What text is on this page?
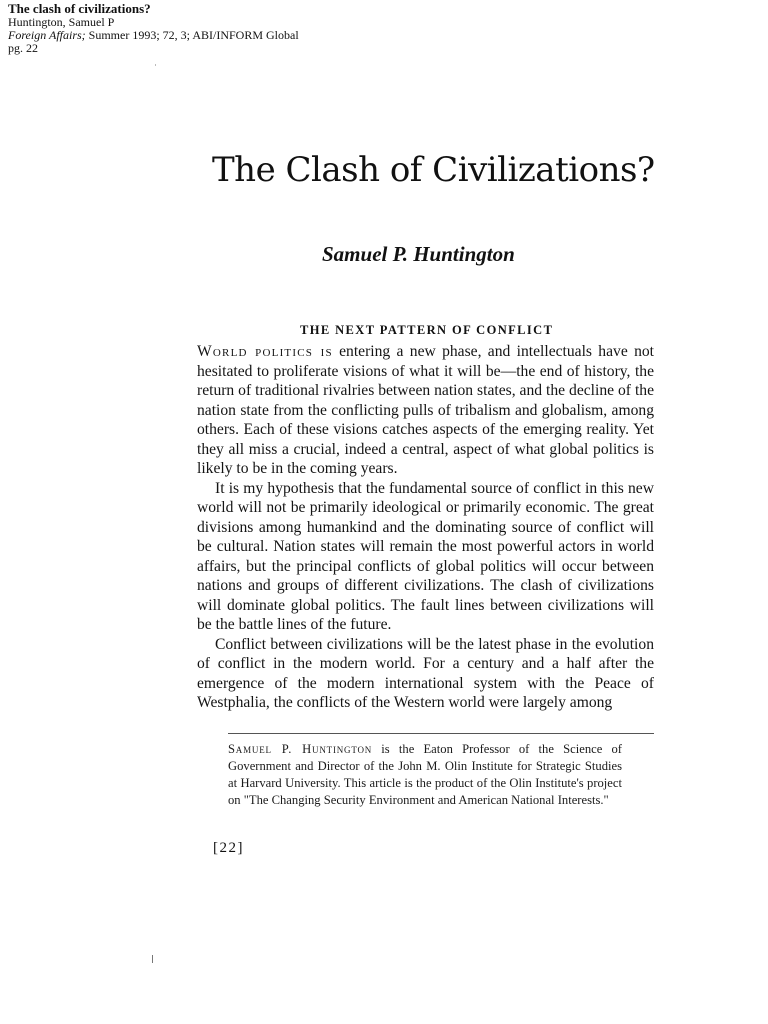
The clash of civilizations?
Huntington, Samuel P
Foreign Affairs; Summer 1993; 72, 3; ABI/INFORM Global
pg. 22
The Clash of Civilizations?
Samuel P. Huntington
THE NEXT PATTERN OF CONFLICT

World politics is entering a new phase, and intellectuals have not hesitated to proliferate visions of what it will be—the end of history, the return of traditional rivalries between nation states, and the decline of the nation state from the conflicting pulls of tribalism and globalism, among others. Each of these visions catches aspects of the emerging reality. Yet they all miss a crucial, indeed a central, aspect of what global politics is likely to be in the coming years.

It is my hypothesis that the fundamental source of conflict in this new world will not be primarily ideological or primarily economic. The great divisions among humankind and the dominating source of conflict will be cultural. Nation states will remain the most powerful actors in world affairs, but the principal conflicts of global politics will occur between nations and groups of different civilizations. The clash of civilizations will dominate global politics. The fault lines between civilizations will be the battle lines of the future.

Conflict between civilizations will be the latest phase in the evolution of conflict in the modern world. For a century and a half after the emergence of the modern international system with the Peace of Westphalia, the conflicts of the Western world were largely among

Samuel P. Huntington is the Eaton Professor of the Science of Government and Director of the John M. Olin Institute for Strategic Studies at Harvard University. This article is the product of the Olin Institute's project on "The Changing Security Environment and American National Interests."

[22]
